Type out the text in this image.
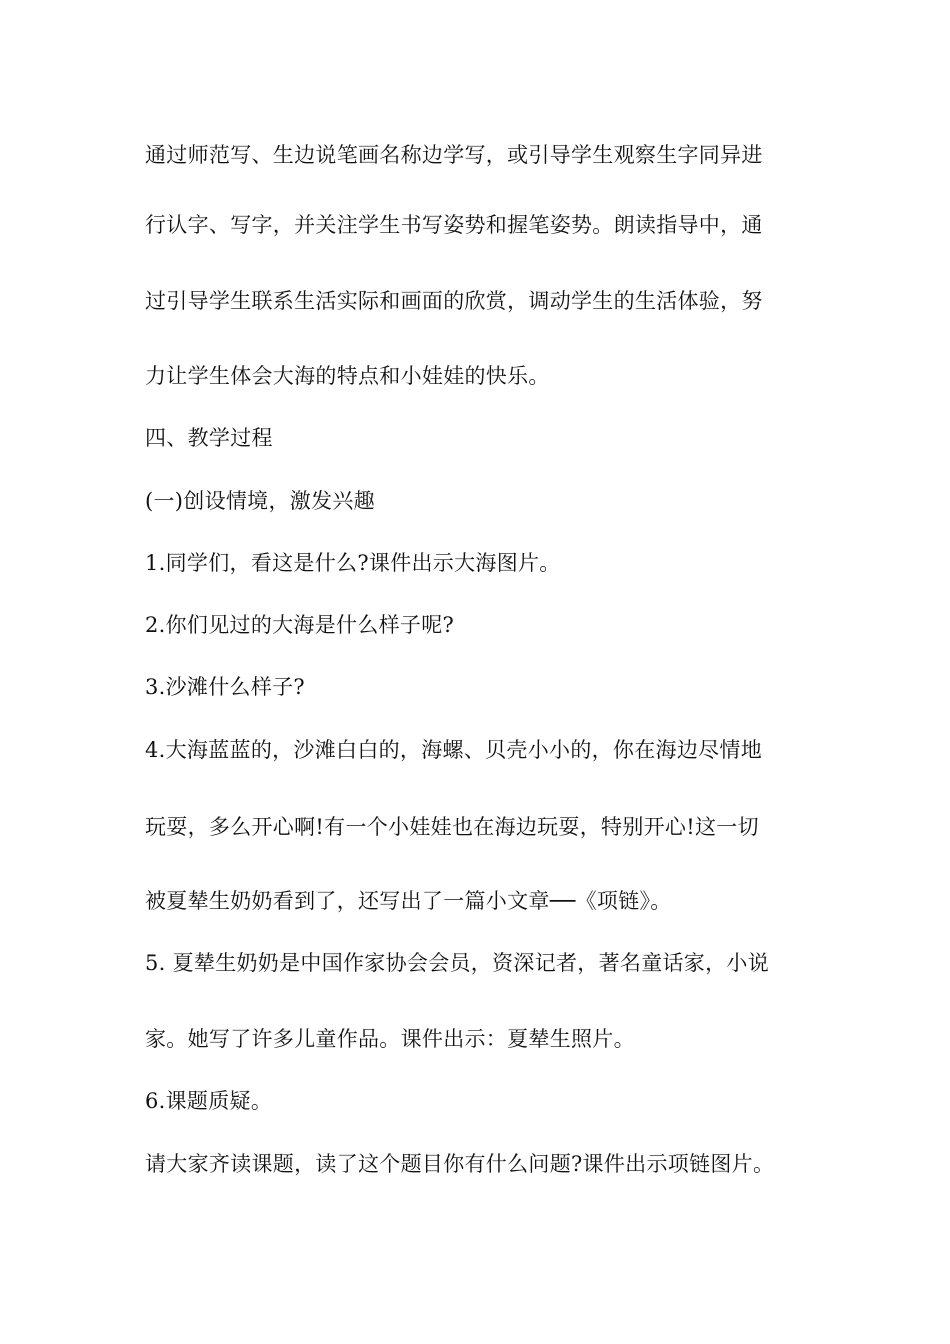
通过师范写、生边说笔画名称边学写，或引导学生观察生字同异进
行认字、写字，并关注学生书写姿势和握笔姿势。朗读指导中，通
过引导学生联系生活实际和画面的欣赏，调动学生的生活体验，努
力让学生体会大海的特点和小娃娃的快乐。
四、教学过程
(一)创设情境，激发兴趣
1.同学们，看这是什么?课件出示大海图片。
2.你们见过的大海是什么样子呢?
3.沙滩什么样子?
4.大海蓝蓝的，沙滩白白的，海螺、贝壳小小的，你在海边尽情地
玩耍，多么开心啊!有一个小娃娃也在海边玩耍，特别开心!这一切
被夏辇生奶奶看到了，还写出了一篇小文章──《项链》。
5. 夏辇生奶奶是中国作家协会会员，资深记者，著名童话家，小说
家。她写了许多儿童作品。课件出示：夏辇生照片。
6.课题质疑。
请大家齐读课题，读了这个题目你有什么问题?课件出示项链图片。
